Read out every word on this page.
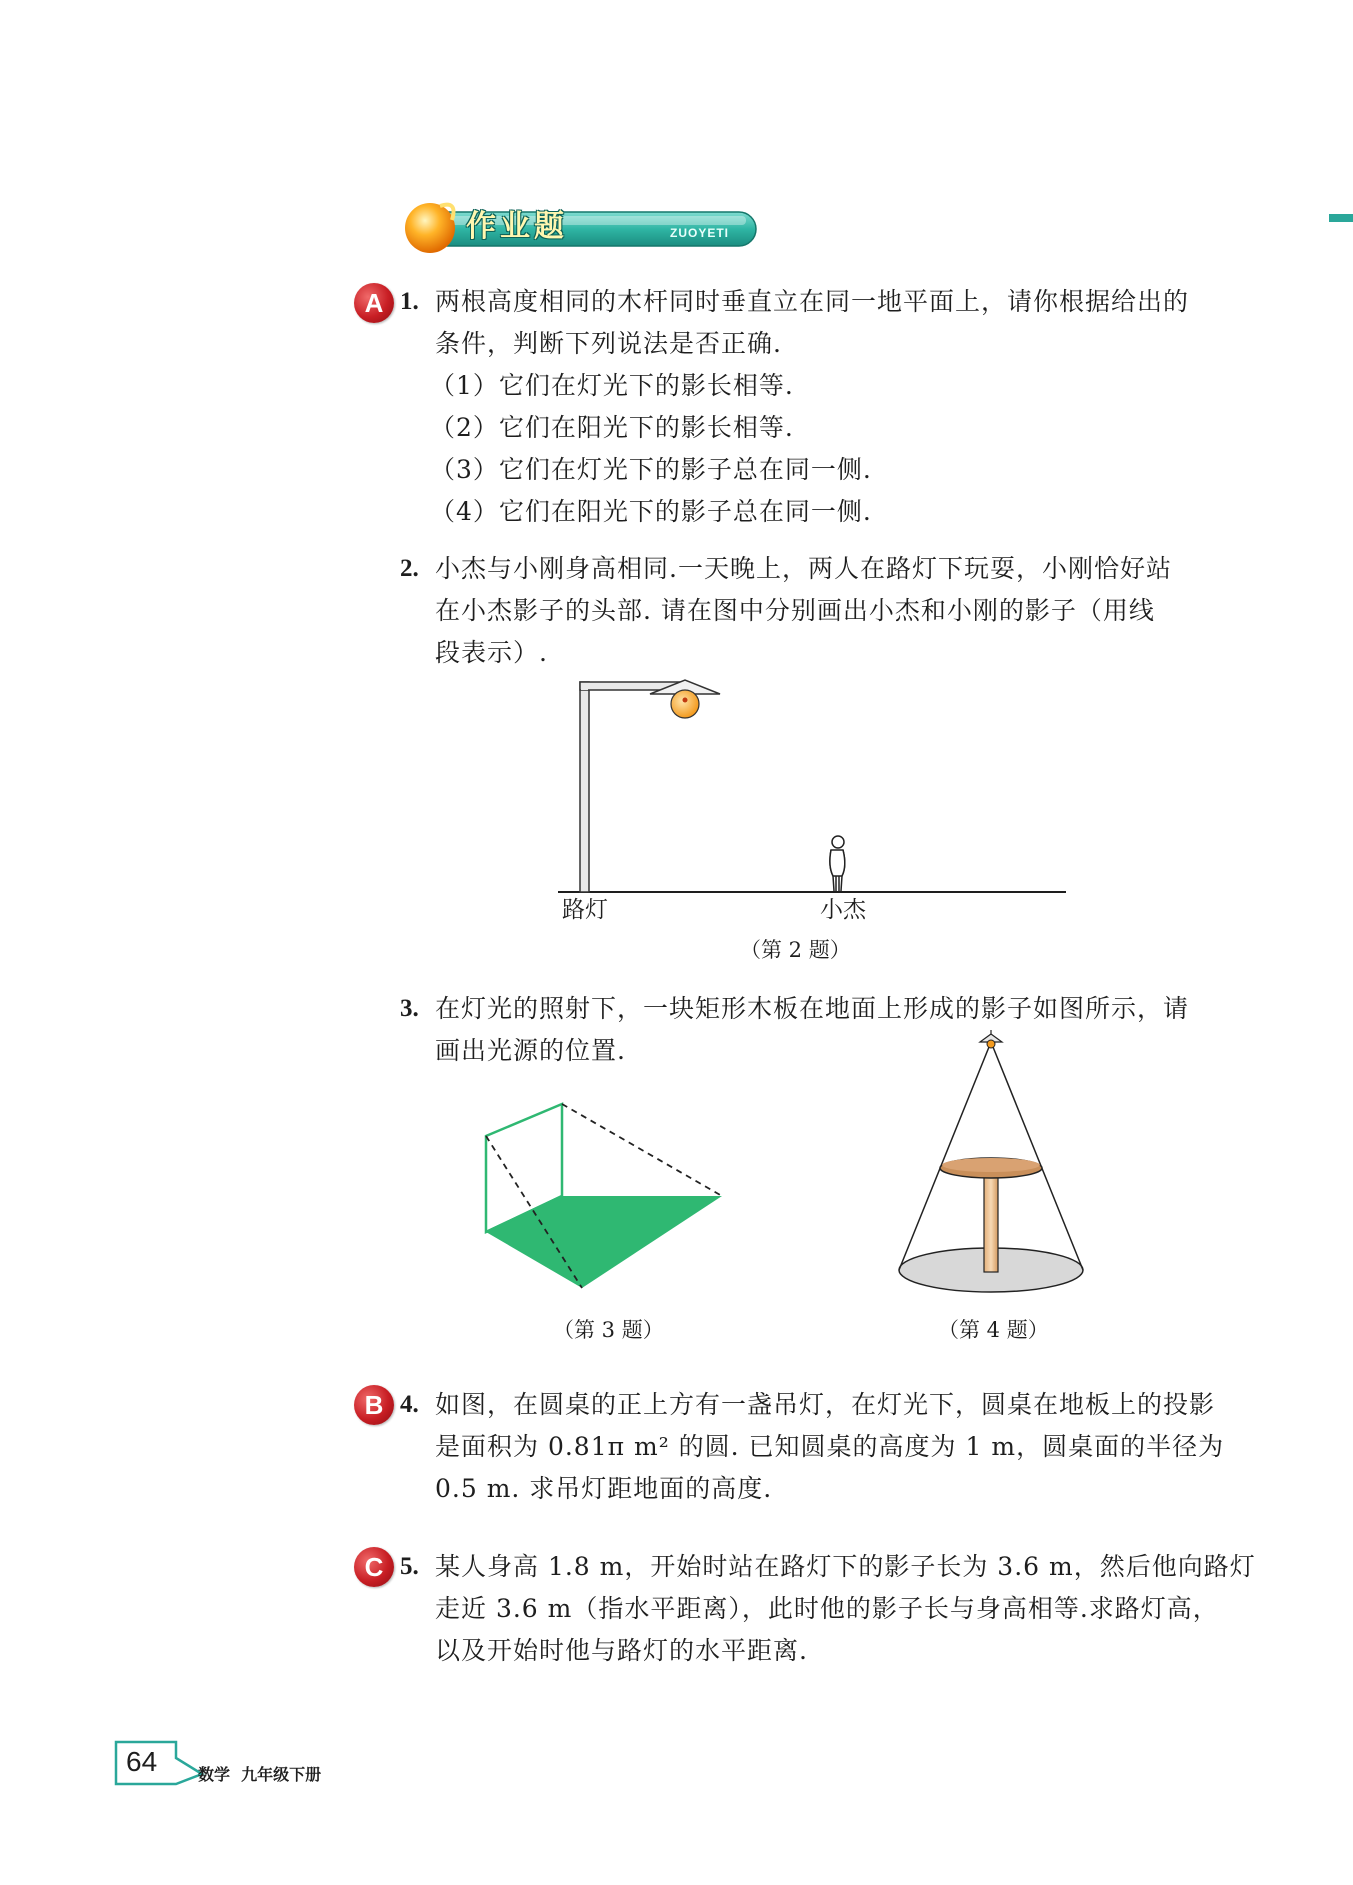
作业题	ZUOYETI
A 1. 两根高度相同的木杆同时垂直立在同一地平面上，请你根据给出的
条件，判断下列说法是否正确.
（1）它们在灯光下的影长相等.
（2）它们在阳光下的影长相等.
（3）它们在灯光下的影子总在同一侧.
（4）它们在阳光下的影子总在同一侧.
2. 小杰与小刚身高相同.一天晚上，两人在路灯下玩耍，小刚恰好站
在小杰影子的头部. 请在图中分别画出小杰和小刚的影子（用线
段表示）.
路灯	小杰
（第 2 题）
3. 在灯光的照射下，一块矩形木板在地面上形成的影子如图所示，请
画出光源的位置.
（第 3 题）	（第 4 题）
B 4. 如图，在圆桌的正上方有一盏吊灯，在灯光下，圆桌在地板上的投影
是面积为 0.81π m² 的圆. 已知圆桌的高度为 1 m，圆桌面的半径为
0.5 m. 求吊灯距地面的高度.
C 5. 某人身高 1.8 m，开始时站在路灯下的影子长为 3.6 m，然后他向路灯
走近 3.6 m（指水平距离），此时他的影子长与身高相等.求路灯高，
以及开始时他与路灯的水平距离.
64	数学  九年级下册
